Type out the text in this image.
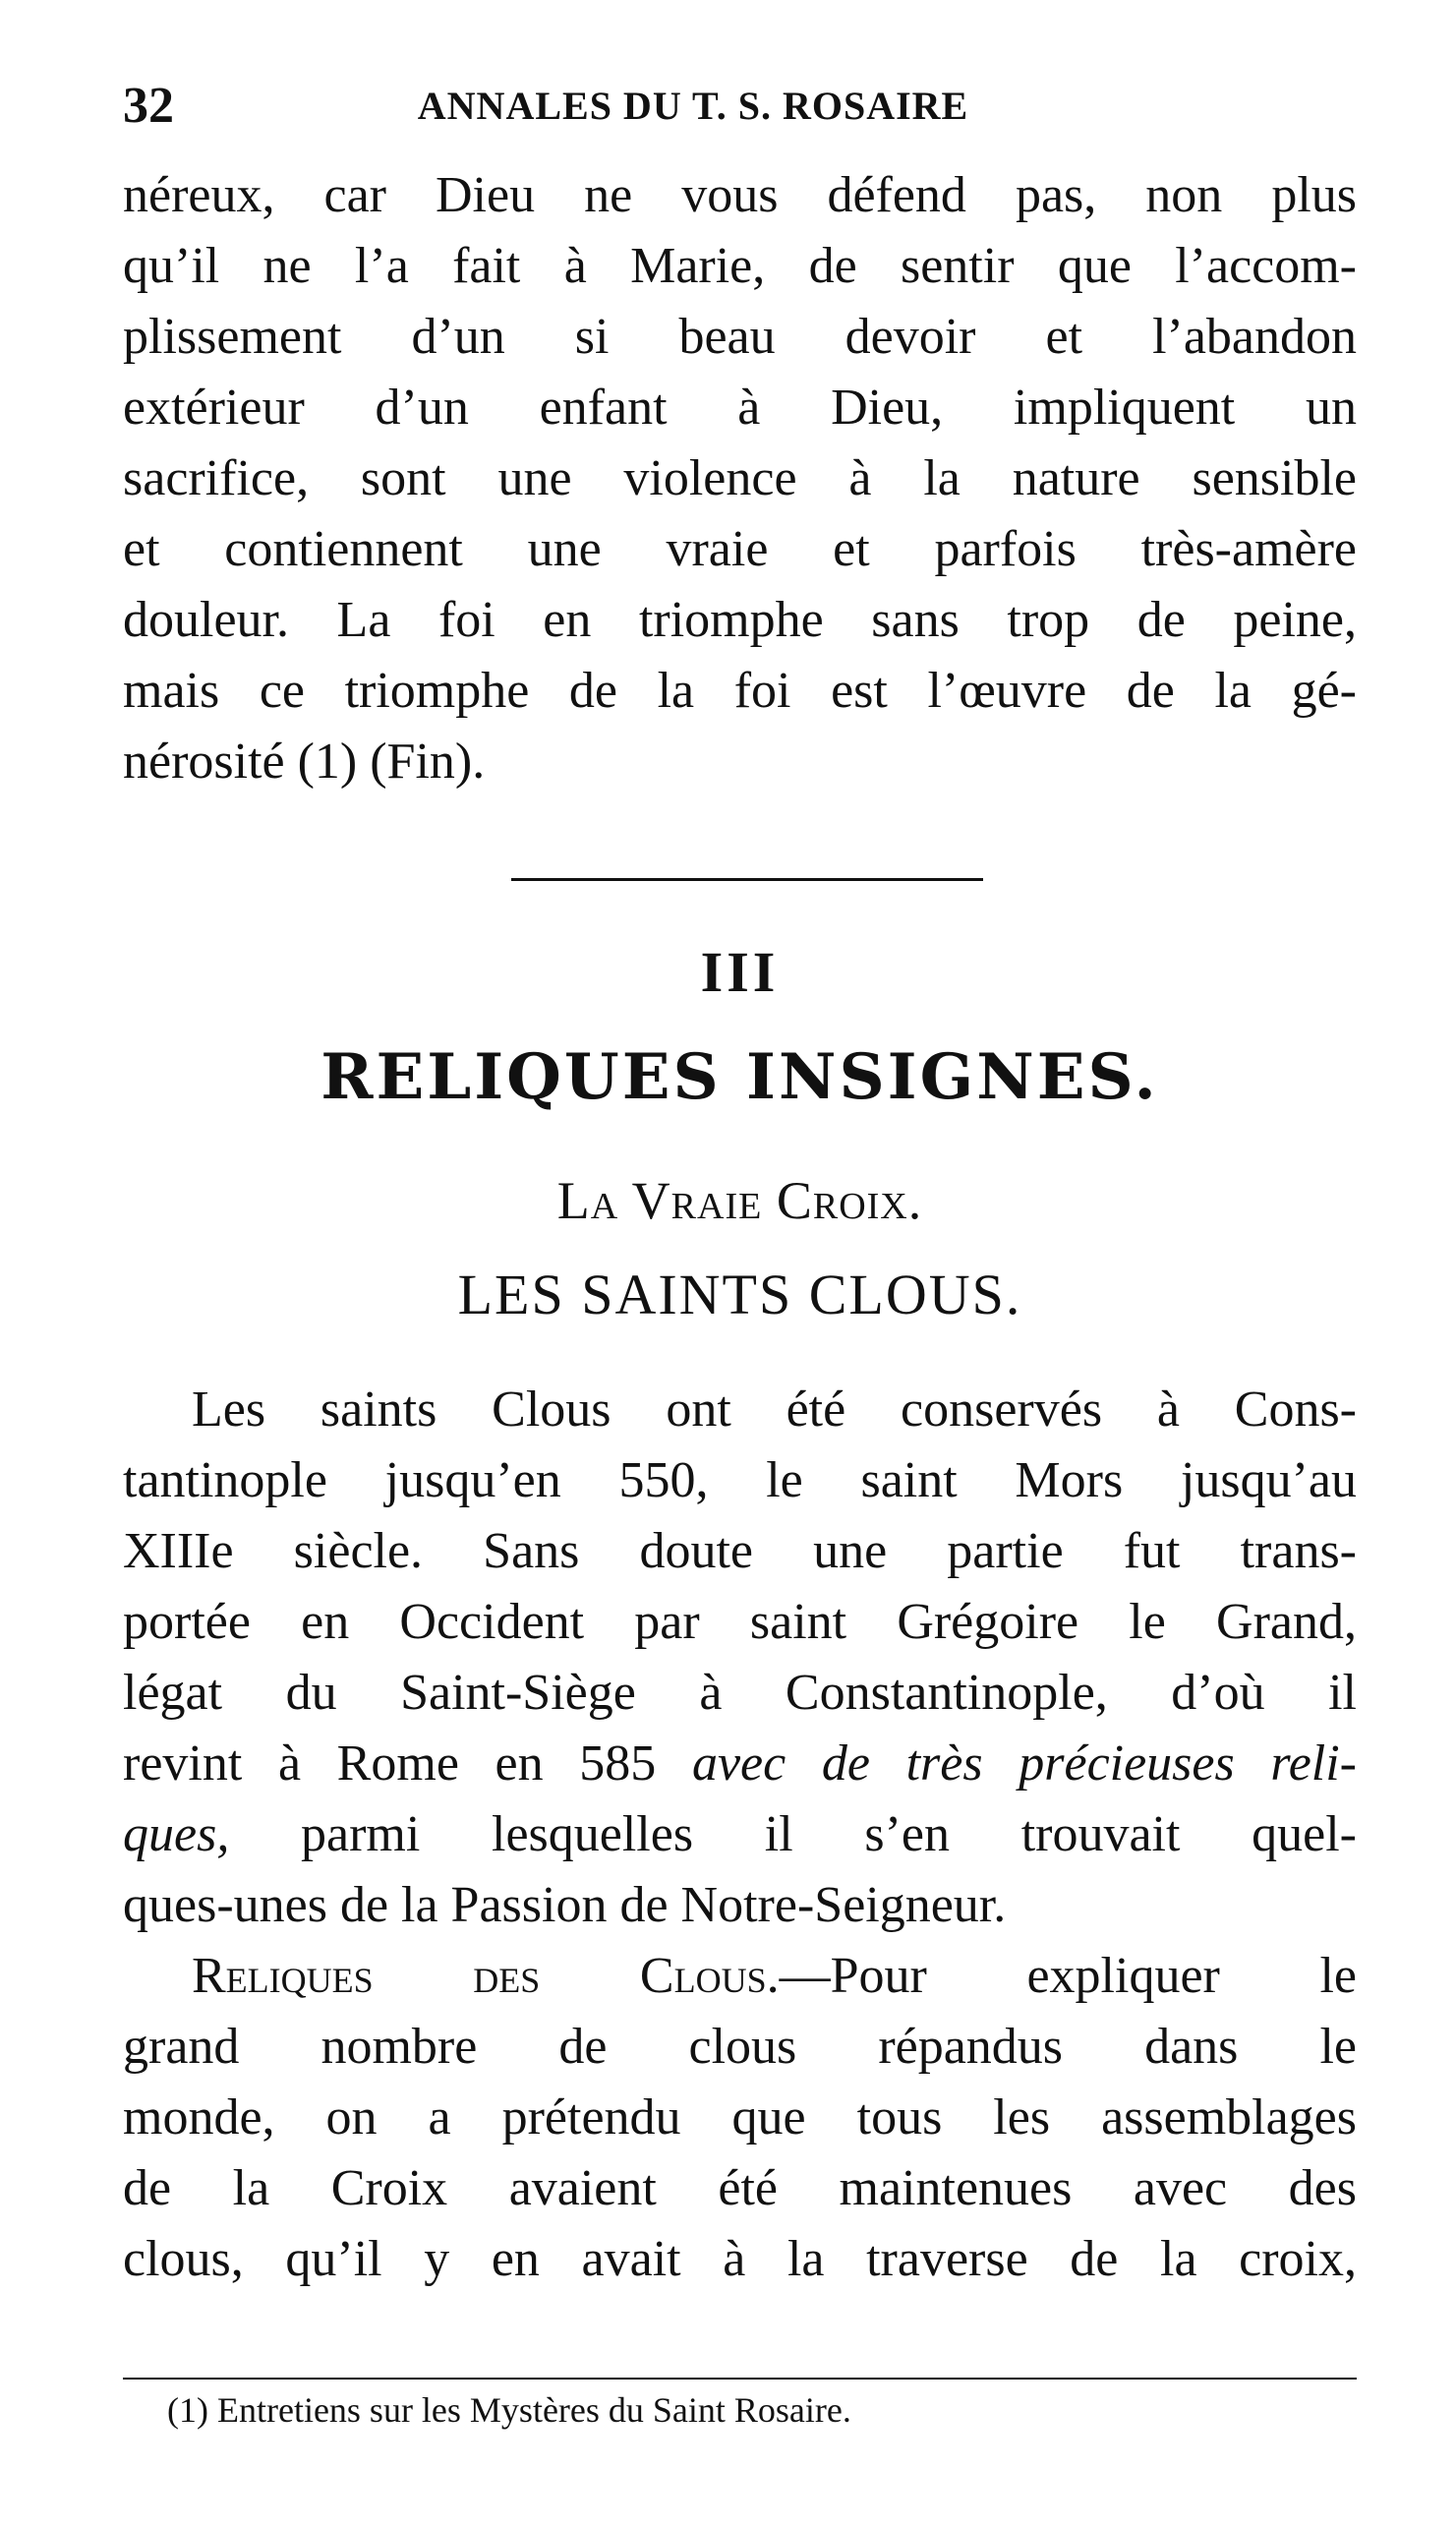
32	ANNALES DU T. S. ROSAIRE
néreux, car Dieu ne vous défend pas, non plus
qu’il ne l’a fait à Marie, de sentir que l’accom-
plissement d’un si beau devoir et l’abandon
extérieur d’un enfant à Dieu, impliquent un
sacrifice, sont une violence à la nature sensible
et contiennent une vraie et parfois très-amère
douleur. La foi en triomphe sans trop de peine,
mais ce triomphe de la foi est l’œuvre de la gé-
nérosité (1) (Fin).
III
RELIQUES INSIGNES.
La Vraie Croix.
LES SAINTS CLOUS.
Les saints Clous ont été conservés à Cons-
tantinople jusqu’en 550, le saint Mors jusqu’au
XIIIe siècle. Sans doute une partie fut trans-
portée en Occident par saint Grégoire le Grand,
légat du Saint-Siège à Constantinople, d’où il
revint à Rome en 585 avec de très précieuses reli-
ques, parmi lesquelles il s’en trouvait quel-
ques-unes de la Passion de Notre-Seigneur.
Reliques des Clous.—Pour expliquer le
grand nombre de clous répandus dans le
monde, on a prétendu que tous les assemblages
de la Croix avaient été maintenues avec des
clous, qu’il y en avait à la traverse de la croix,
(1) Entretiens sur les Mystères du Saint Rosaire.
